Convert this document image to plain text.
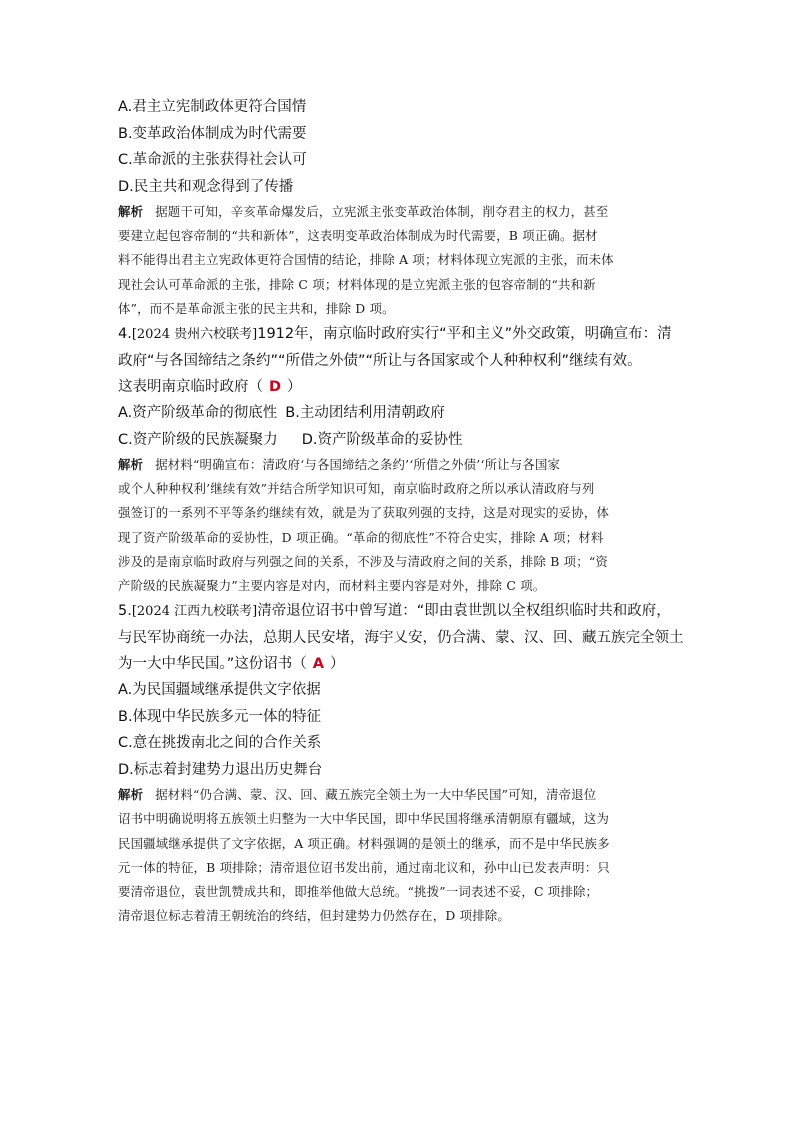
A.君主立宪制政体更符合国情
B.变革政治体制成为时代需要
C.革命派的主张获得社会认可
D.民主共和观念得到了传播
解析 据题干可知，辛亥革命爆发后，立宪派主张变革政治体制，削夺君主的权力，甚至
要建立起包容帝制的“共和新体”，这表明变革政治体制成为时代需要，B 项正确。据材
料不能得出君主立宪政体更符合国情的结论，排除 A 项；材料体现立宪派的主张，而未体
现社会认可革命派的主张，排除 C 项；材料体现的是立宪派主张的包容帝制的“共和新
体”，而不是革命派主张的民主共和，排除 D 项。
4.[2024 贵州六校联考]1912年，南京临时政府实行“平和主义”外交政策，明确宣布：清
政府“与各国缔结之条约”“所借之外债”“所让与各国家或个人种种权利”继续有效。
这表明南京临时政府（ D ）
A.资产阶级革命的彻底性 B.主动团结利用清朝政府
C.资产阶级的民族凝聚力 D.资产阶级革命的妥协性
解析 据材料“明确宣布：清政府‘与各国缔结之条约’‘所借之外债’‘所让与各国家
或个人种种权利’继续有效”并结合所学知识可知，南京临时政府之所以承认清政府与列
强签订的一系列不平等条约继续有效，就是为了获取列强的支持，这是对现实的妥协，体
现了资产阶级革命的妥协性，D 项正确。“革命的彻底性”不符合史实，排除 A 项；材料
涉及的是南京临时政府与列强之间的关系，不涉及与清政府之间的关系，排除 B 项；“资
产阶级的民族凝聚力”主要内容是对内，而材料主要内容是对外，排除 C 项。
5.[2024 江西九校联考]清帝退位诏书中曾写道：“即由袁世凯以全权组织临时共和政府，
与民军协商统一办法，总期人民安堵，海宇乂安，仍合满、蒙、汉、回、藏五族完全领土
为一大中华民国。”这份诏书（ A ）
A.为民国疆域继承提供文字依据
B.体现中华民族多元一体的特征
C.意在挑拨南北之间的合作关系
D.标志着封建势力退出历史舞台
解析 据材料“仍合满、蒙、汉、回、藏五族完全领土为一大中华民国”可知，清帝退位
诏书中明确说明将五族领土归整为一大中华民国，即中华民国将继承清朝原有疆域，这为
民国疆域继承提供了文字依据，A 项正确。材料强调的是领土的继承，而不是中华民族多
元一体的特征，B 项排除；清帝退位诏书发出前，通过南北议和，孙中山已发表声明：只
要清帝退位，袁世凯赞成共和，即推举他做大总统。“挑拨”一词表述不妥，C 项排除；
清帝退位标志着清王朝统治的终结，但封建势力仍然存在，D 项排除。
